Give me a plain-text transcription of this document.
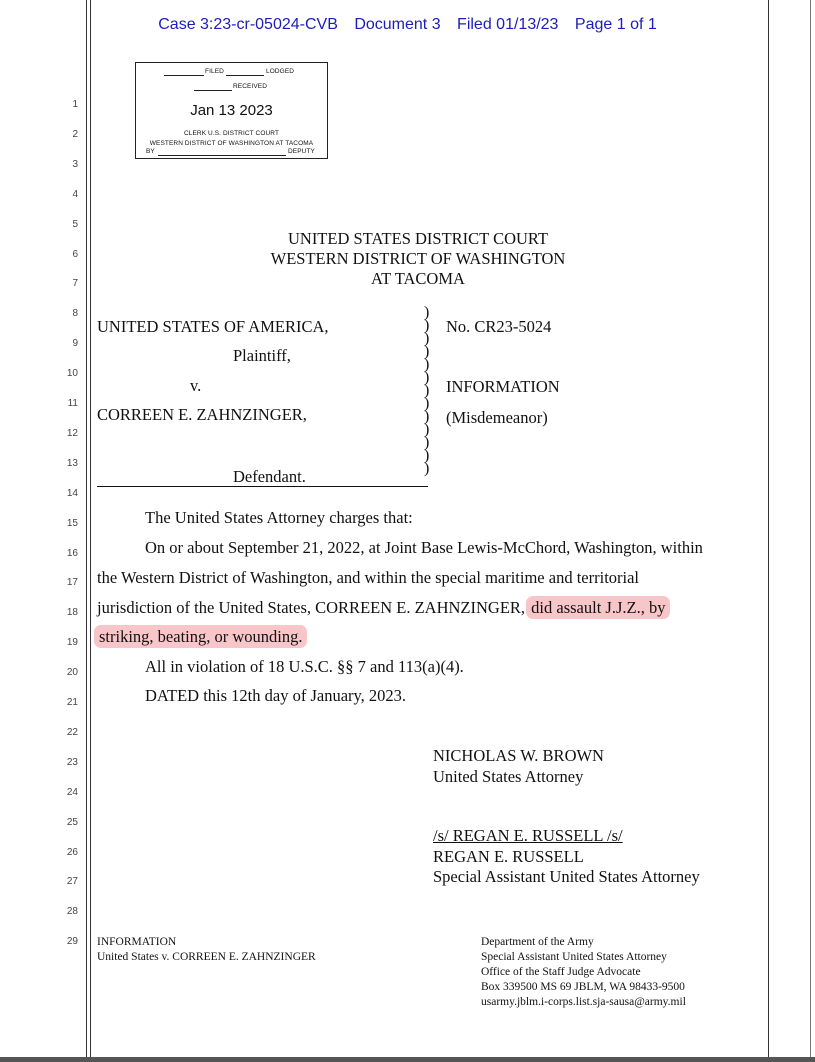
Case 3:23-cr-05024-CVB Document 3 Filed 01/13/23 Page 1 of 1
1
2
3
4
5
6
7
8
9
10
11
12
13
14
15
16
17
18
19
20
21
22
23
24
25
26
27
28
29
FILED	LODGED
RECEIVED
Jan 13 2023
CLERK U.S. DISTRICT COURT
WESTERN DISTRICT OF WASHINGTON AT TACOMA
BY	DEPUTY
UNITED STATES DISTRICT COURT
WESTERN DISTRICT OF WASHINGTON
AT TACOMA
UNITED STATES OF AMERICA,
Plaintiff,
v.
CORREEN E. ZAHNZINGER,
Defendant.
)
)
)
)
)
)
)
)
)
)
)
)
)
No. CR23-5024
INFORMATION
(Misdemeanor)
The United States Attorney charges that:
On or about September 21, 2022, at Joint Base Lewis-McChord, Washington, within
the Western District of Washington, and within the special maritime and territorial
jurisdiction of the United States, CORREEN E. ZAHNZINGER, did assault J.J.Z., by
striking, beating, or wounding.
All in violation of 18 U.S.C. §§ 7 and 113(a)(4).
DATED this 12th day of January, 2023.
NICHOLAS W. BROWN
United States Attorney
/s/ REGAN E. RUSSELL /s/
REGAN E. RUSSELL
Special Assistant United States Attorney
INFORMATION
United States v. CORREEN E. ZAHNZINGER
Department of the Army
Special Assistant United States Attorney
Office of the Staff Judge Advocate
Box 339500 MS 69 JBLM, WA 98433-9500
usarmy.jblm.i-corps.list.sja-sausa@army.mil
